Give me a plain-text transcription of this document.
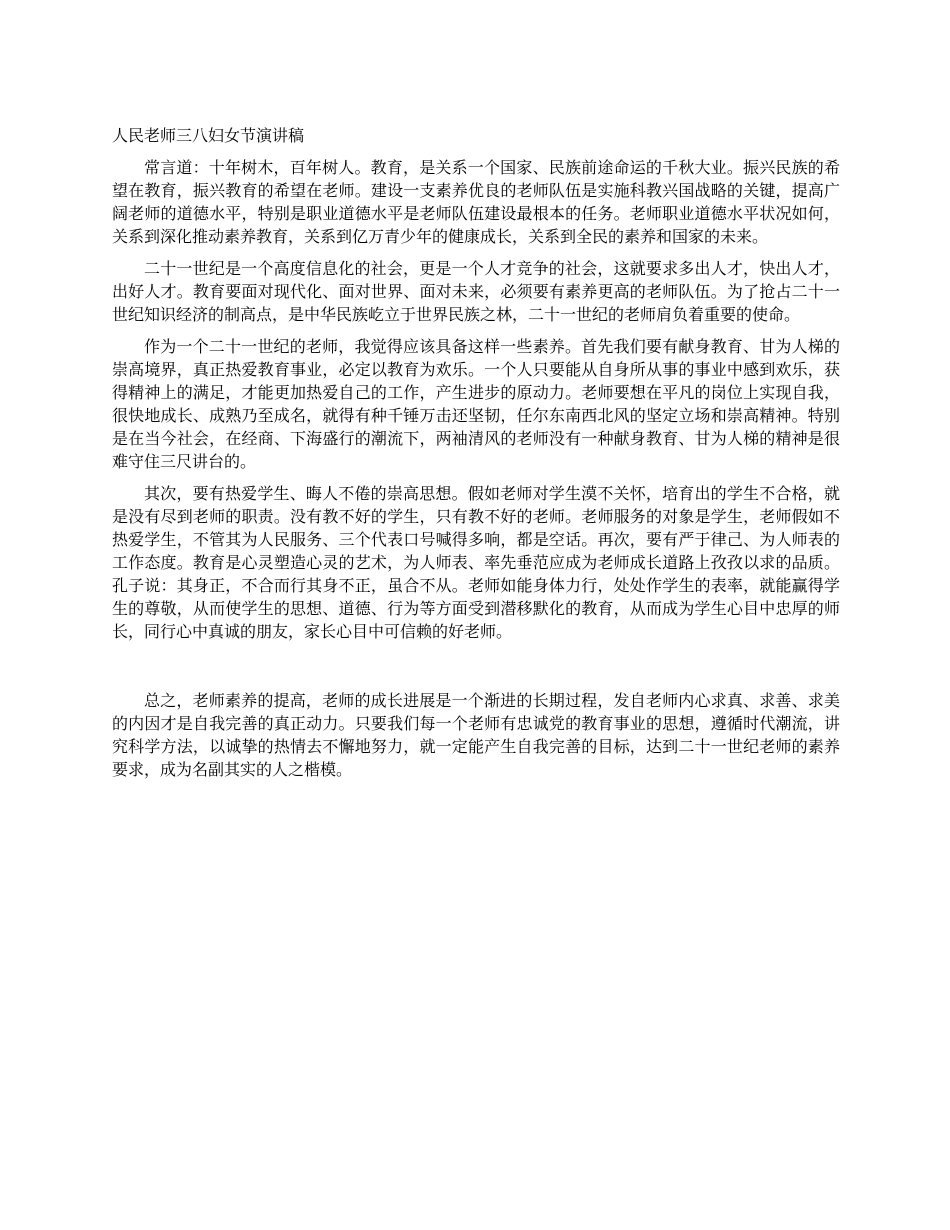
人民老师三八妇女节演讲稿

常言道：十年树木，百年树人。教育，是关系一个国家、民族前途命运的千秋大业。振兴民族的希望在教育，振兴教育的希望在老师。建设一支素养优良的老师队伍是实施科教兴国战略的关键，提高广阔老师的道德水平，特别是职业道德水平是老师队伍建设最根本的任务。老师职业道德水平状况如何，关系到深化推动素养教育，关系到亿万青少年的健康成长，关系到全民的素养和国家的未来。

二十一世纪是一个高度信息化的社会，更是一个人才竞争的社会，这就要求多出人才，快出人才，出好人才。教育要面对现代化、面对世界、面对未来，必须要有素养更高的老师队伍。为了抢占二十一世纪知识经济的制高点，是中华民族屹立于世界民族之林，二十一世纪的老师肩负着重要的使命。

作为一个二十一世纪的老师，我觉得应该具备这样一些素养。首先我们要有献身教育、甘为人梯的崇高境界，真正热爱教育事业，必定以教育为欢乐。一个人只要能从自身所从事的事业中感到欢乐，获得精神上的满足，才能更加热爱自己的工作，产生进步的原动力。老师要想在平凡的岗位上实现自我，很快地成长、成熟乃至成名，就得有种千锤万击还坚韧，任尔东南西北风的坚定立场和崇高精神。特别是在当今社会，在经商、下海盛行的潮流下，两袖清风的老师没有一种献身教育、甘为人梯的精神是很难守住三尺讲台的。

其次，要有热爱学生、晦人不倦的崇高思想。假如老师对学生漠不关怀，培育出的学生不合格，就是没有尽到老师的职责。没有教不好的学生，只有教不好的老师。老师服务的对象是学生，老师假如不热爱学生，不管其为人民服务、三个代表口号喊得多响，都是空话。再次，要有严于律己、为人师表的工作态度。教育是心灵塑造心灵的艺术，为人师表、率先垂范应成为老师成长道路上孜孜以求的品质。孔子说：其身正，不合而行其身不正，虽合不从。老师如能身体力行，处处作学生的表率，就能赢得学生的尊敬，从而使学生的思想、道德、行为等方面受到潜移默化的教育，从而成为学生心目中忠厚的师长，同行心中真诚的朋友，家长心目中可信赖的好老师。

总之，老师素养的提高，老师的成长进展是一个渐进的长期过程，发自老师内心求真、求善、求美的内因才是自我完善的真正动力。只要我们每一个老师有忠诚党的教育事业的思想，遵循时代潮流，讲究科学方法，以诚挚的热情去不懈地努力，就一定能产生自我完善的目标，达到二十一世纪老师的素养要求，成为名副其实的人之楷模。
